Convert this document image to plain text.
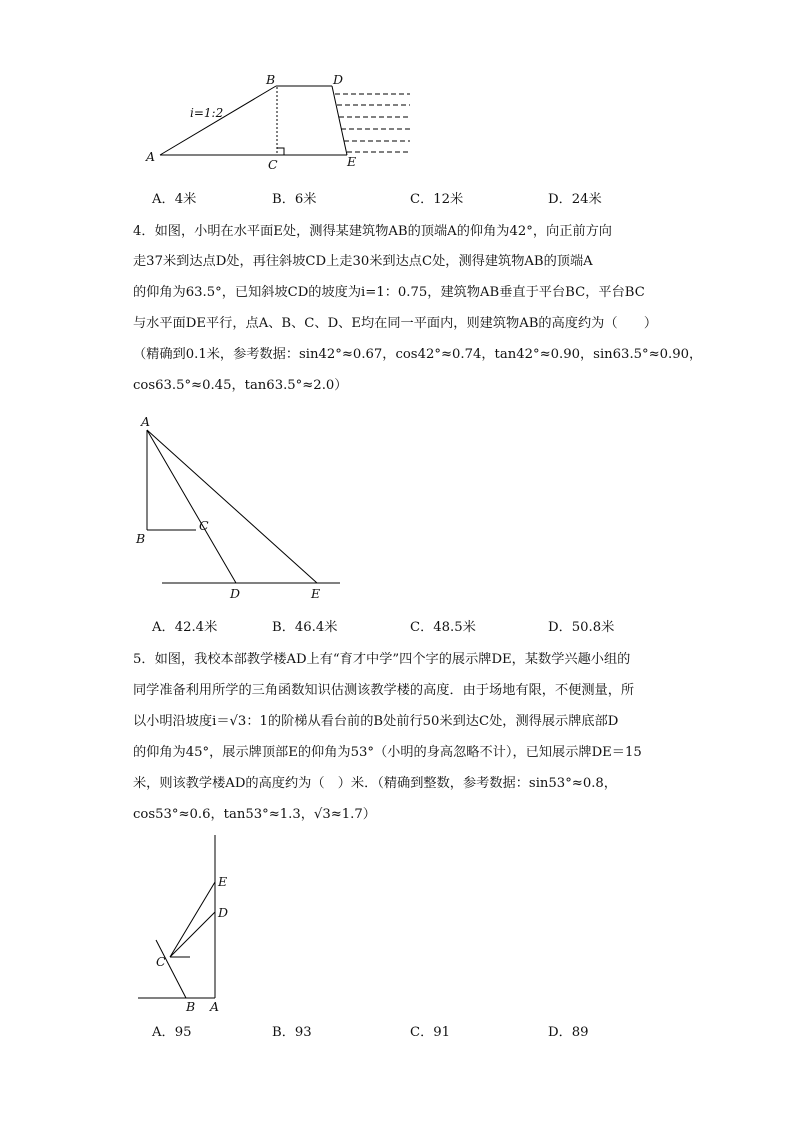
A
B
C
D
E
i=1:2
A．4米	B．6米	C．12米	D．24米
4．如图，小明在水平面E处，测得某建筑物AB的顶端A的仰角为42°，向正前方向
走37米到达点D处，再往斜坡CD上走30米到达点C处，测得建筑物AB的顶端A
的仰角为63.5°，已知斜坡CD的坡度为i=1：0.75，建筑物AB垂直于平台BC，平台BC
与水平面DE平行，点A、B、C、D、E均在同一平面内，则建筑物AB的高度约为（　　）
（精确到0.1米，参考数据：sin42°≈0.67，cos42°≈0.74，tan42°≈0.90，sin63.5°≈0.90，
cos63.5°≈0.45，tan63.5°≈2.0）
A
B
C
D	E
A．42.4米	B．46.4米	C．48.5米	D．50.8米
5．如图，我校本部教学楼AD上有“育才中学”四个字的展示牌DE，某数学兴趣小组的
同学准备利用所学的三角函数知识估测该教学楼的高度．由于场地有限，不便测量，所
以小明沿坡度i＝√3：1的阶梯从看台前的B处前行50米到达C处，测得展示牌底部D
的仰角为45°，展示牌顶部E的仰角为53°（小明的身高忽略不计），已知展示牌DE＝15
米，则该教学楼AD的高度约为（　）米．（精确到整数，参考数据：sin53°≈0.8，
cos53°≈0.6，tan53°≈1.3，√3≈1.7）
E
D
C
B A
A．95	B．93	C．91	D．89
